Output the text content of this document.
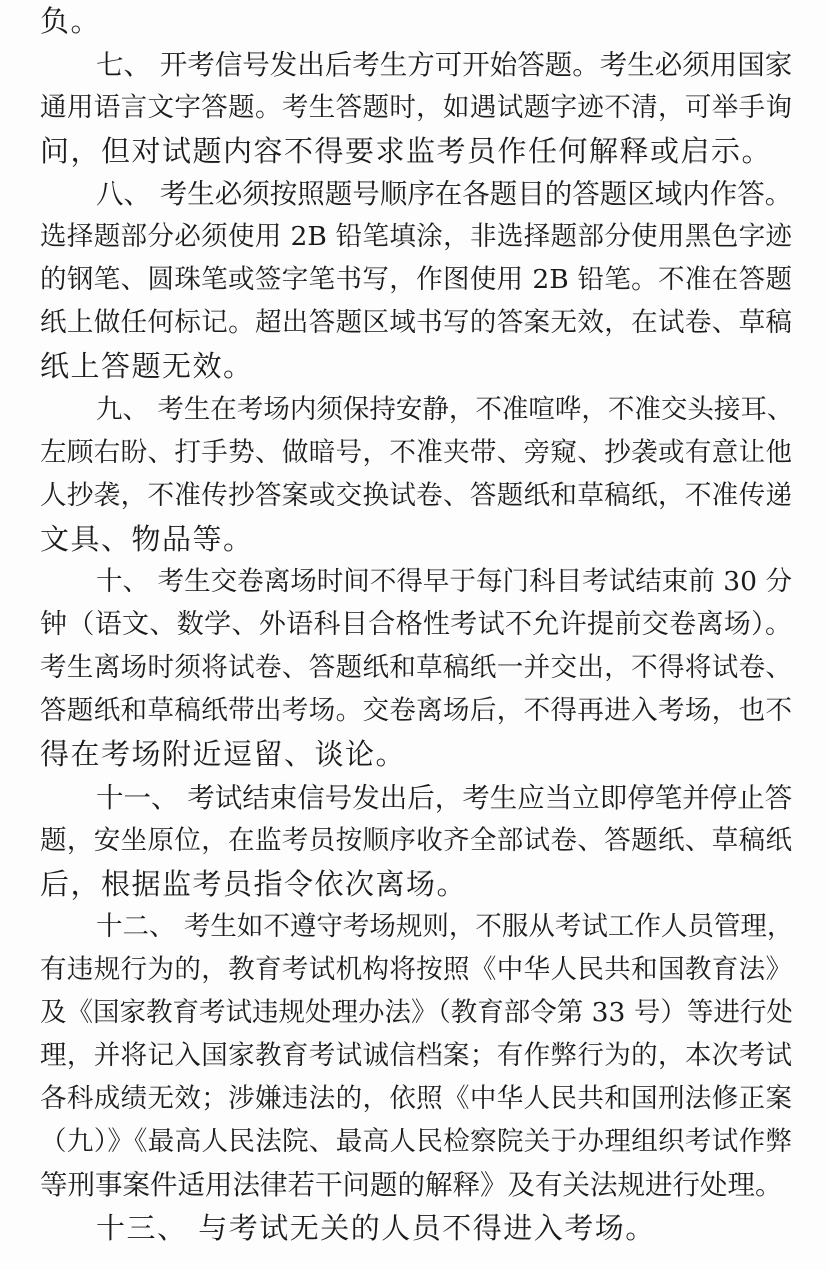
负。
七、 开考信号发出后考生方可开始答题。考生必须用国家
通用语言文字答题。考生答题时，如遇试题字迹不清，可举手询
问，但对试题内容不得要求监考员作任何解释或启示。
八、 考生必须按照题号顺序在各题目的答题区域内作答。
选择题部分必须使用 2B 铅笔填涂，非选择题部分使用黑色字迹
的钢笔、圆珠笔或签字笔书写，作图使用 2B 铅笔。不准在答题
纸上做任何标记。超出答题区域书写的答案无效，在试卷、草稿
纸上答题无效。
九、 考生在考场内须保持安静，不准喧哗，不准交头接耳、
左顾右盼、打手势、做暗号，不准夹带、旁窥、抄袭或有意让他
人抄袭，不准传抄答案或交换试卷、答题纸和草稿纸，不准传递
文具、物品等。
十、 考生交卷离场时间不得早于每门科目考试结束前 30 分
钟（语文、数学、外语科目合格性考试不允许提前交卷离场）。
考生离场时须将试卷、答题纸和草稿纸一并交出，不得将试卷、
答题纸和草稿纸带出考场。交卷离场后，不得再进入考场，也不
得在考场附近逗留、谈论。
十一、 考试结束信号发出后，考生应当立即停笔并停止答
题，安坐原位，在监考员按顺序收齐全部试卷、答题纸、草稿纸
后，根据监考员指令依次离场。
十二、 考生如不遵守考场规则，不服从考试工作人员管理，
有违规行为的，教育考试机构将按照《中华人民共和国教育法》
及《国家教育考试违规处理办法》（教育部令第 33 号）等进行处
理，并将记入国家教育考试诚信档案；有作弊行为的，本次考试
各科成绩无效；涉嫌违法的，依照《中华人民共和国刑法修正案
（九）》《最高人民法院、最高人民检察院关于办理组织考试作弊
等刑事案件适用法律若干问题的解释》及有关法规进行处理。
十三、 与考试无关的人员不得进入考场。
